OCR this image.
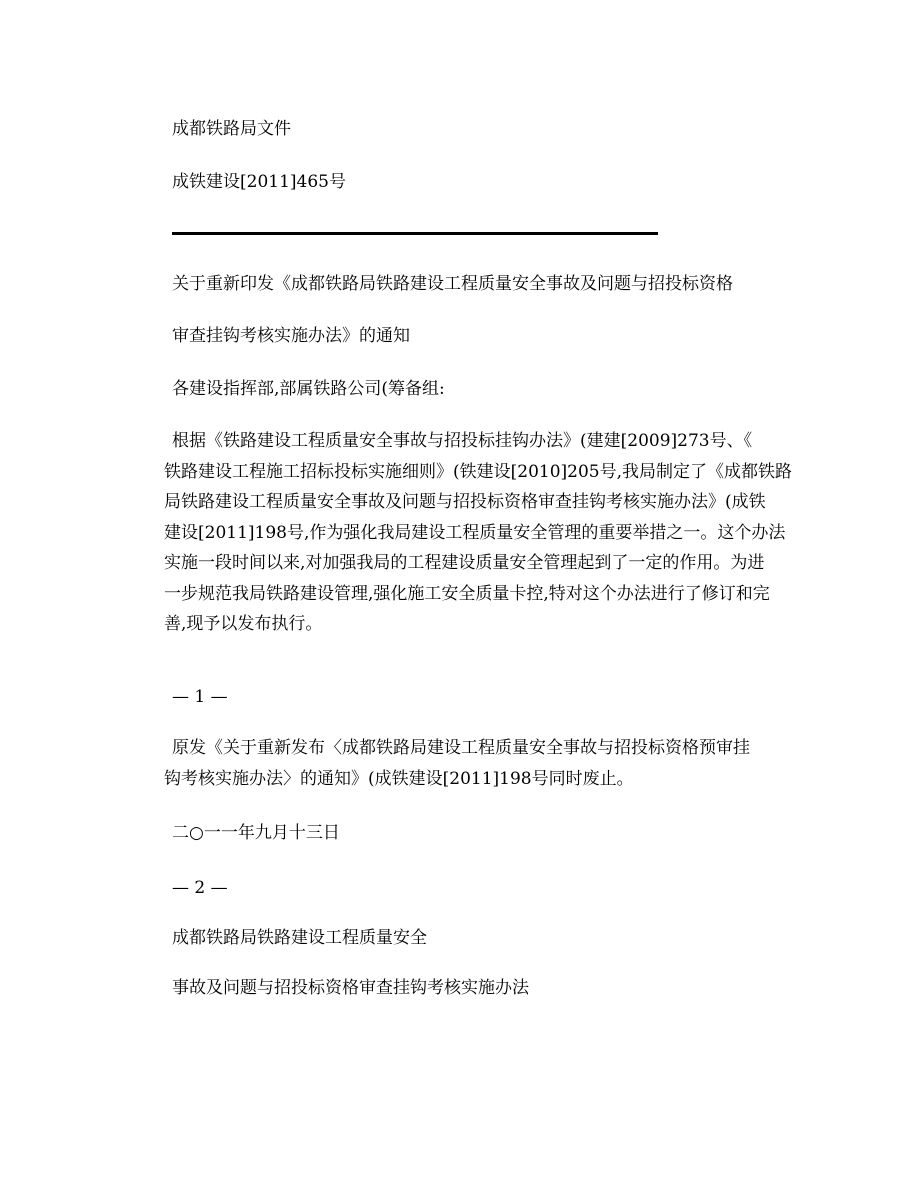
成都铁路局文件
成铁建设[2011]465号
关于重新印发《成都铁路局铁路建设工程质量安全事故及问题与招投标资格
审查挂钩考核实施办法》的通知
各建设指挥部,部属铁路公司(筹备组:
根据《铁路建设工程质量安全事故与招投标挂钩办法》(建建[2009]273号、《
铁路建设工程施工招标投标实施细则》(铁建设[2010]205号,我局制定了《成都铁路
局铁路建设工程质量安全事故及问题与招投标资格审查挂钩考核实施办法》(成铁
建设[2011]198号,作为强化我局建设工程质量安全管理的重要举措之一。这个办法
实施一段时间以来,对加强我局的工程建设质量安全管理起到了一定的作用。为进
一步规范我局铁路建设管理,强化施工安全质量卡控,特对这个办法进行了修订和完
善,现予以发布执行。
— 1 —
原发《关于重新发布〈成都铁路局建设工程质量安全事故与招投标资格预审挂
钩考核实施办法〉的通知》(成铁建设[2011]198号同时废止。
二○一一年九月十三日
— 2 —
成都铁路局铁路建设工程质量安全
事故及问题与招投标资格审查挂钩考核实施办法
